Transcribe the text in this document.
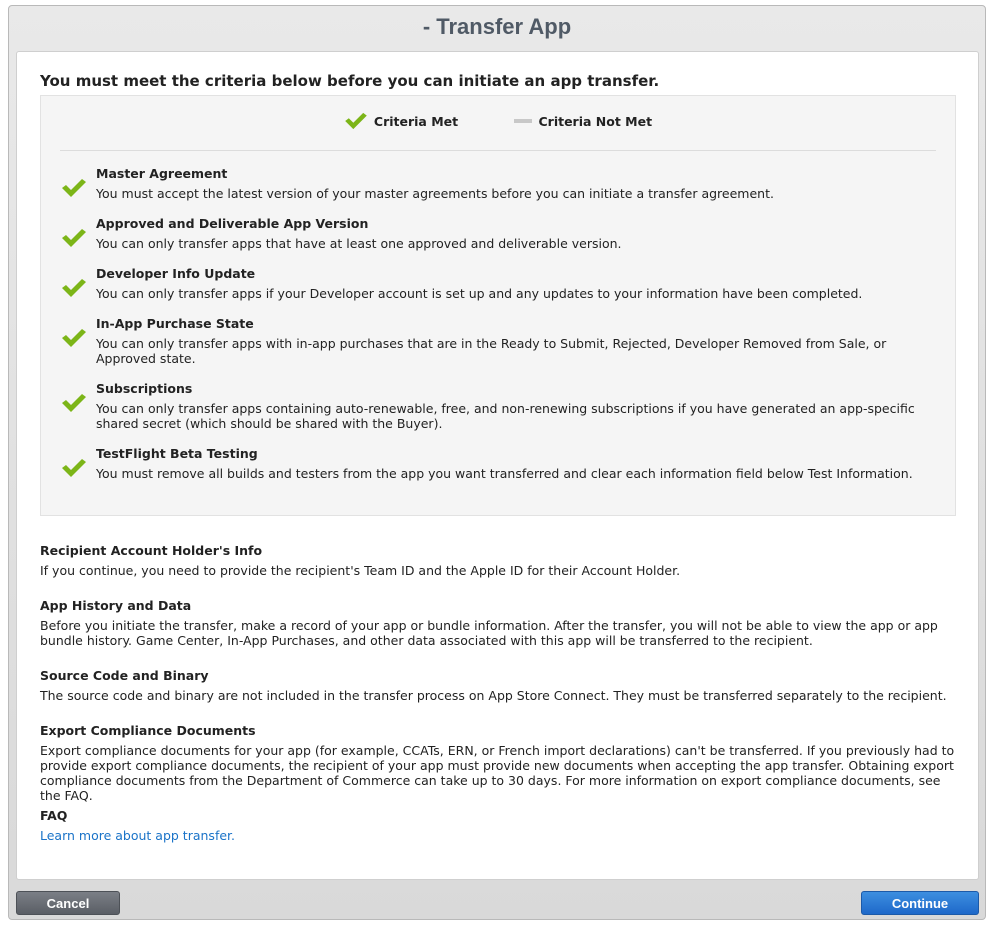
- Transfer App
You must meet the criteria below before you can initiate an app transfer.
Criteria Met
	Criteria Not Met
Master Agreement
You must accept the latest version of your master agreements before you can initiate a transfer agreement.
Approved and Deliverable App Version
You can only transfer apps that have at least one approved and deliverable version.
Developer Info Update
You can only transfer apps if your Developer account is set up and any updates to your information have been completed.
In-App Purchase State
You can only transfer apps with in-app purchases that are in the Ready to Submit, Rejected, Developer Removed from Sale, or Approved state.
Subscriptions
You can only transfer apps containing auto-renewable, free, and non-renewing subscriptions if you have generated an app-specific shared secret (which should be shared with the Buyer).
TestFlight Beta Testing
You must remove all builds and testers from the app you want transferred and clear each information field below Test Information.
Recipient Account Holder's Info
If you continue, you need to provide the recipient's Team ID and the Apple ID for their Account Holder.
App History and Data
Before you initiate the transfer, make a record of your app or bundle information. After the transfer, you will not be able to view the app or app bundle history. Game Center, In-App Purchases, and other data associated with this app will be transferred to the recipient.
Source Code and Binary
The source code and binary are not included in the transfer process on App Store Connect. They must be transferred separately to the recipient.
Export Compliance Documents
Export compliance documents for your app (for example, CCATs, ERN, or French import declarations) can't be transferred. If you previously had to provide export compliance documents, the recipient of your app must provide new documents when accepting the app transfer. Obtaining export compliance documents from the Department of Commerce can take up to 30 days. For more information on export compliance documents, see the FAQ.
FAQ
Learn more about app transfer.
Cancel	Continue
